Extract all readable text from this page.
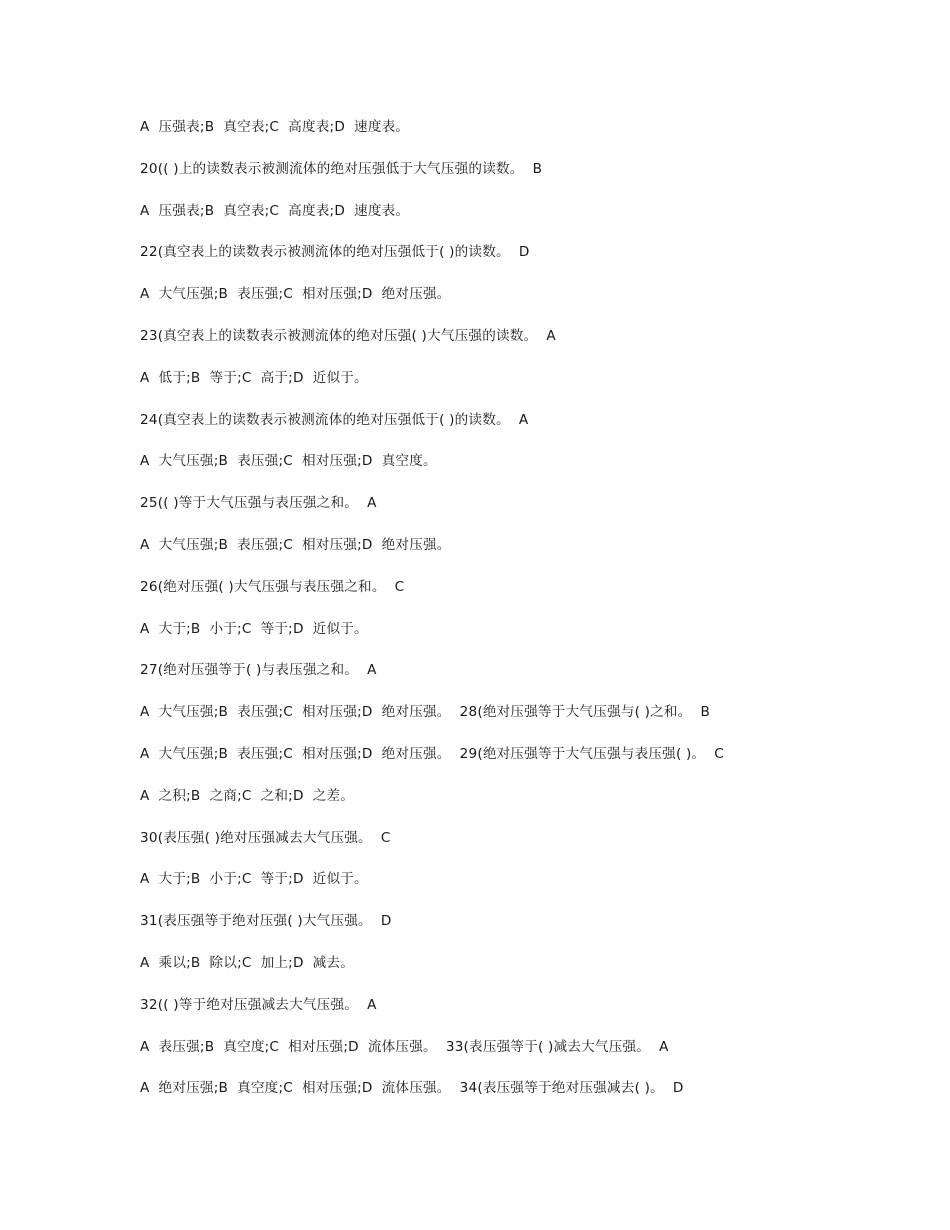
A  压强表;B  真空表;C  高度表;D  速度表。
20(( )上的读数表示被测流体的绝对压强低于大气压强的读数。  B
A  压强表;B  真空表;C  高度表;D  速度表。
22(真空表上的读数表示被测流体的绝对压强低于( )的读数。  D
A  大气压强;B  表压强;C  相对压强;D  绝对压强。
23(真空表上的读数表示被测流体的绝对压强( )大气压强的读数。  A
A  低于;B  等于;C  高于;D  近似于。
24(真空表上的读数表示被测流体的绝对压强低于( )的读数。  A
A  大气压强;B  表压强;C  相对压强;D  真空度。
25(( )等于大气压强与表压强之和。  A
A  大气压强;B  表压强;C  相对压强;D  绝对压强。
26(绝对压强( )大气压强与表压强之和。  C
A  大于;B  小于;C  等于;D  近似于。
27(绝对压强等于( )与表压强之和。  A
A  大气压强;B  表压强;C  相对压强;D  绝对压强。  28(绝对压强等于大气压强与( )之和。  B
A  大气压强;B  表压强;C  相对压强;D  绝对压强。  29(绝对压强等于大气压强与表压强( )。  C
A  之积;B  之商;C  之和;D  之差。
30(表压强( )绝对压强减去大气压强。  C
A  大于;B  小于;C  等于;D  近似于。
31(表压强等于绝对压强( )大气压强。  D
A  乘以;B  除以;C  加上;D  减去。
32(( )等于绝对压强减去大气压强。  A
A  表压强;B  真空度;C  相对压强;D  流体压强。  33(表压强等于( )减去大气压强。  A
A  绝对压强;B  真空度;C  相对压强;D  流体压强。  34(表压强等于绝对压强减去( )。  D
